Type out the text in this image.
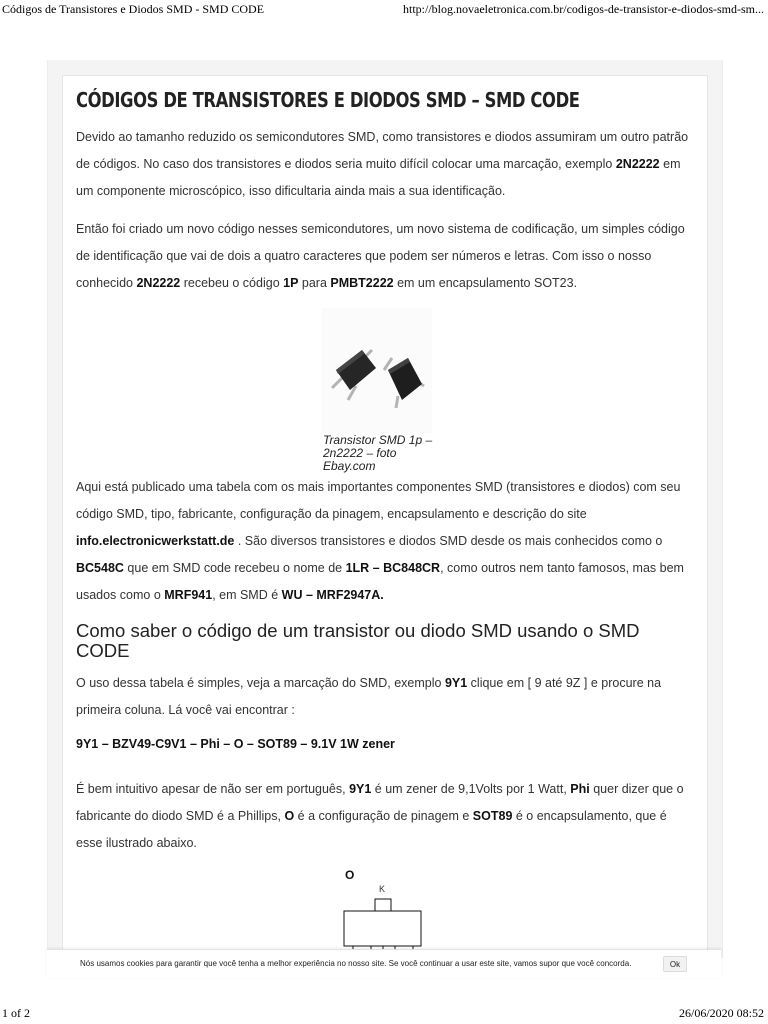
Códigos de Transistores e Diodos SMD - SMD CODE	http://blog.novaeletronica.com.br/codigos-de-transistor-e-diodos-smd-sm...
CÓDIGOS DE TRANSISTORES E DIODOS SMD – SMD CODE

Devido ao tamanho reduzido os semicondutores SMD, como transistores e diodos assumiram um outro patrão de códigos. No caso dos transistores e diodos seria muito difícil colocar uma marcação, exemplo 2N2222 em um componente microscópico, isso dificultaria ainda mais a sua identificação.

Então foi criado um novo código nesses semicondutores, um novo sistema de codificação, um simples código de identificação que vai de dois a quatro caracteres que podem ser números e letras. Com isso o nosso conhecido 2N2222 recebeu o código 1P para PMBT2222 em um encapsulamento SOT23.

Transistor SMD 1p – 2n2222 – foto Ebay.com

Aqui está publicado uma tabela com os mais importantes componentes SMD (transistores e diodos) com seu código SMD, tipo, fabricante, configuração da pinagem, encapsulamento e descrição do site info.electronicwerkstatt.de . São diversos transistores e diodos SMD desde os mais conhecidos como o BC548C que em SMD code recebeu o nome de 1LR – BC848CR, como outros nem tanto famosos, mas bem usados como o MRF941, em SMD é WU – MRF2947A.

Como saber o código de um transistor ou diodo SMD usando o SMD CODE

O uso dessa tabela é simples, veja a marcação do SMD, exemplo 9Y1 clique em [ 9 até 9Z ] e procure na primeira coluna. Lá você vai encontrar :

9Y1 – BZV49-C9V1 – Phi – O – SOT89 – 9.1V 1W zener

É bem intuitivo apesar de não ser em português, 9Y1 é um zener de 9,1Volts por 1 Watt, Phi quer dizer que o fabricante do diodo SMD é a Phillips, O é a configuração de pinagem e SOT89 é o encapsulamento, que é esse ilustrado abaixo.

O
K
Nós usamos cookies para garantir que você tenha a melhor experiência no nosso site. Se você continuar a usar este site, vamos supor que você concorda.	Ok
1 of 2	26/06/2020 08:52
